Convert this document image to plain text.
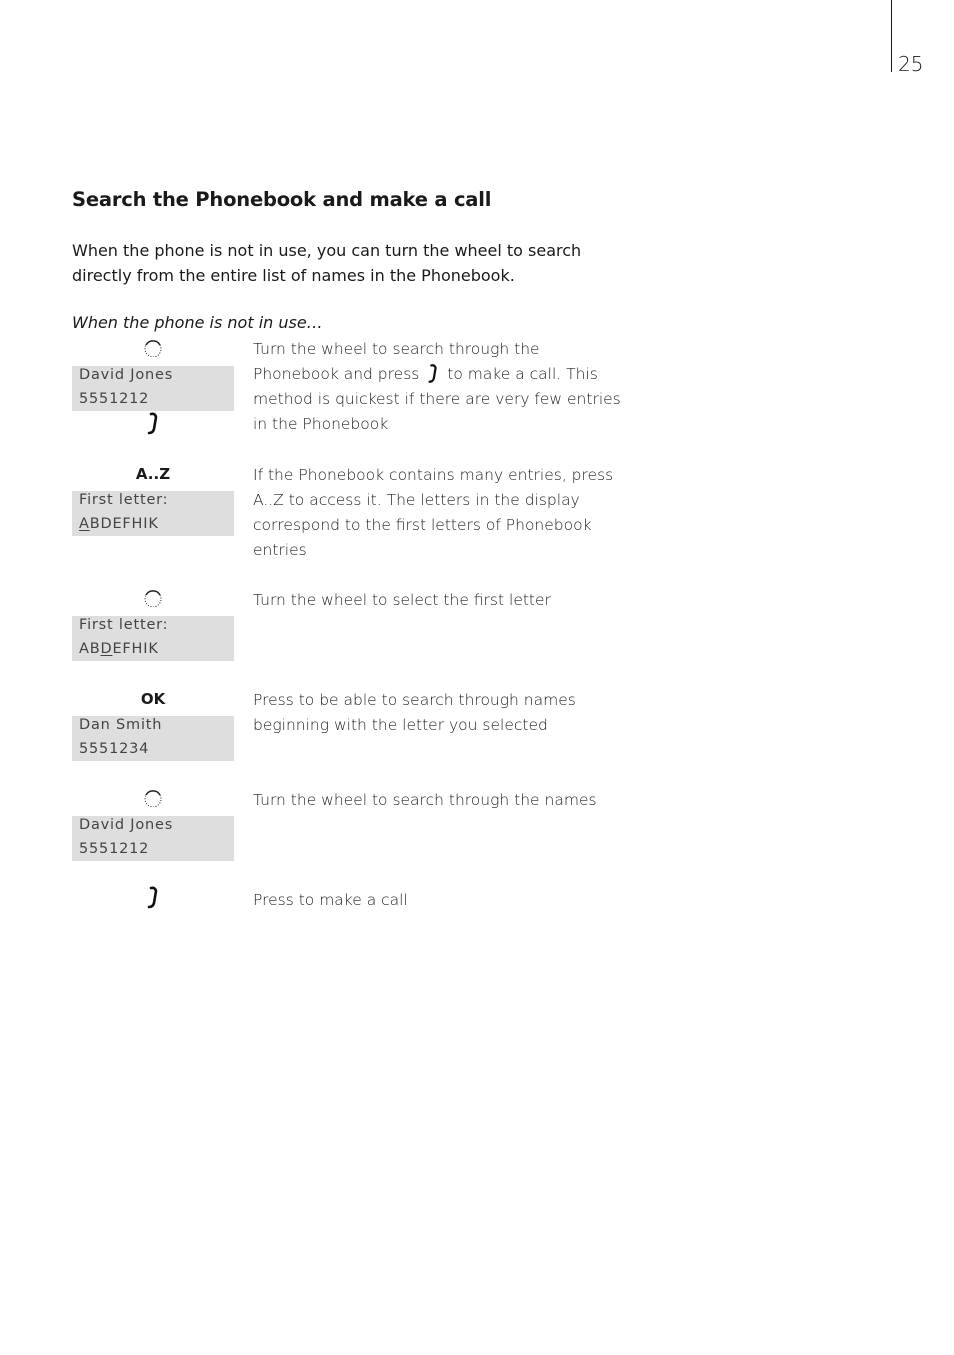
25
Search the Phonebook and make a call

When the phone is not in use, you can turn the wheel to search directly from the entire list of names in the Phonebook.

When the phone is not in use…

David Jones
5551212

Turn the wheel to search through the Phonebook and press to make a call. This method is quickest if there are very few entries in the Phonebook

A..Z
First letter:
ABDEFHIK

If the Phonebook contains many entries, press A..Z to access it. The letters in the display correspond to the first letters of Phonebook entries

First letter:
ABDEFHIK

Turn the wheel to select the first letter

OK
Dan Smith
5551234

Press to be able to search through names beginning with the letter you selected

David Jones
5551212

Turn the wheel to search through the names

Press to make a call
